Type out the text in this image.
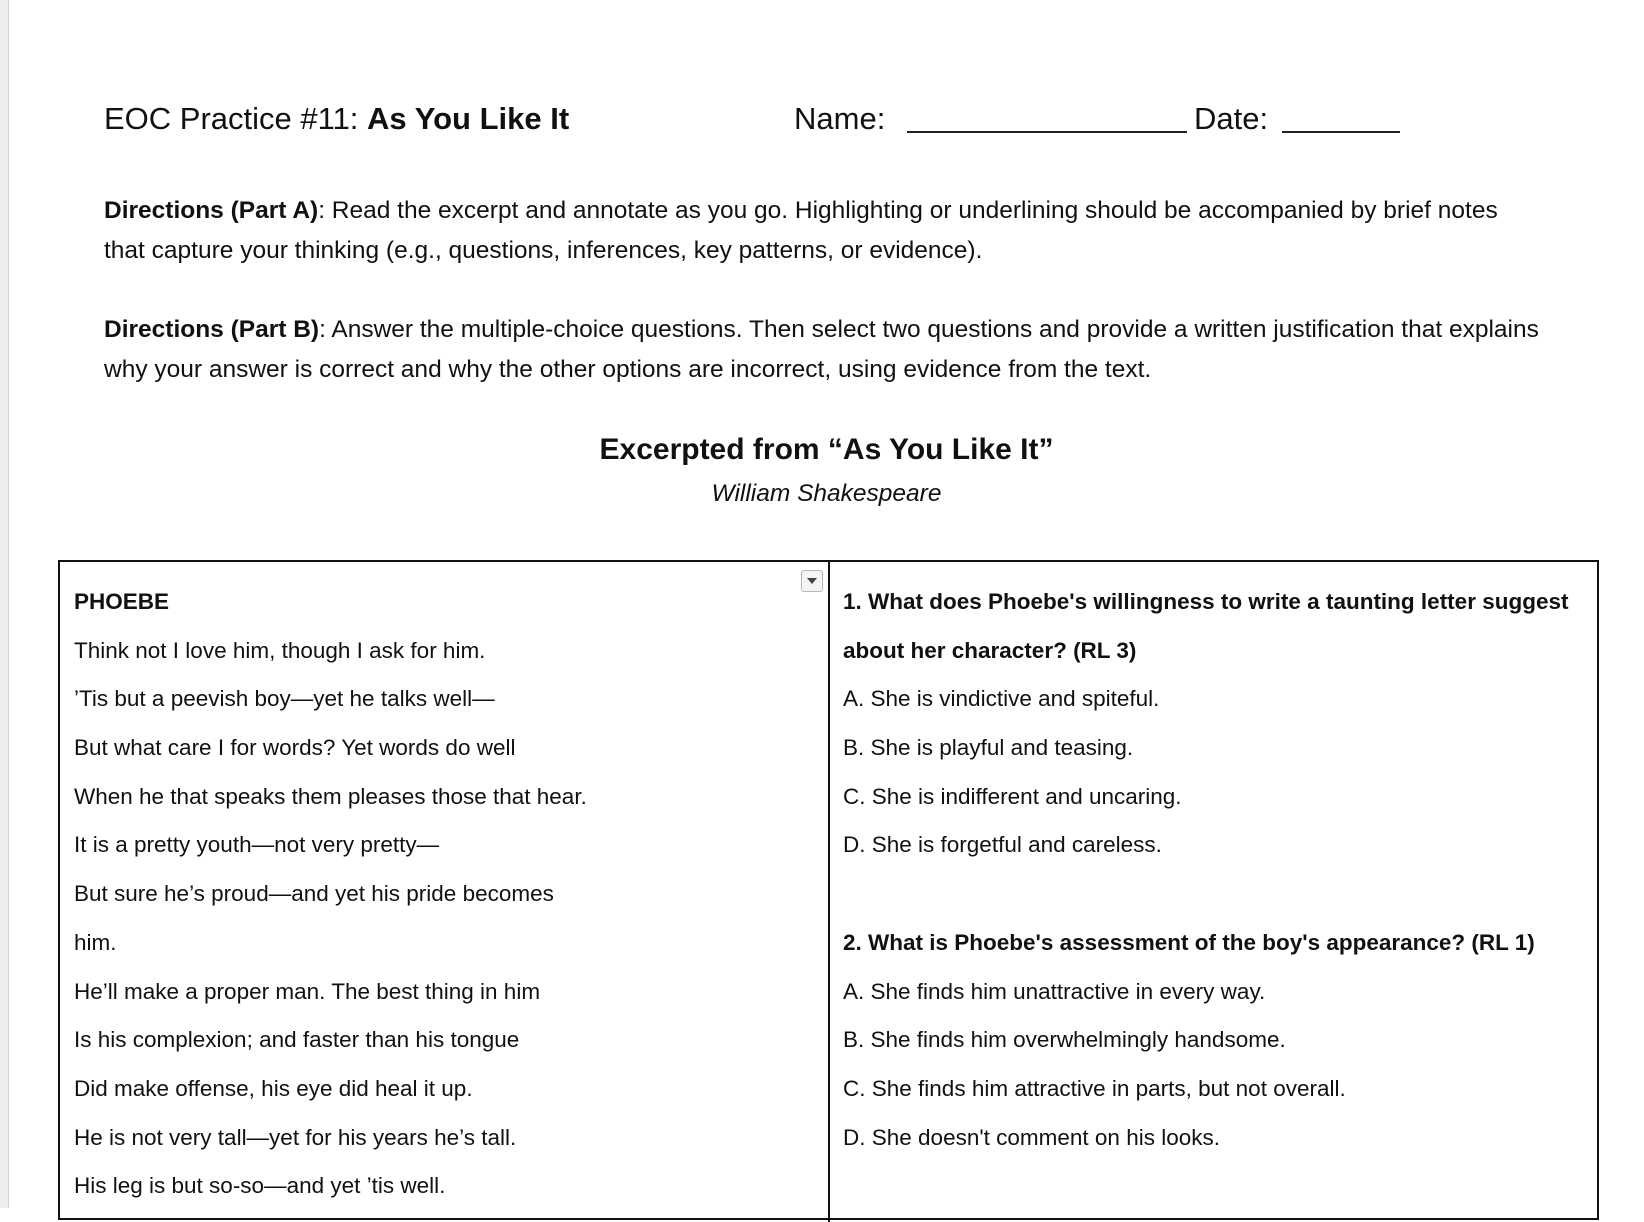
EOC Practice #11: As You Like It	Name:	Date:
Directions (Part A): Read the excerpt and annotate as you go. Highlighting or underlining should be accompanied by brief notes that capture your thinking (e.g., questions, inferences, key patterns, or evidence).
Directions (Part B): Answer the multiple-choice questions. Then select two questions and provide a written justification that explains why your answer is correct and why the other options are incorrect, using evidence from the text.
Excerpted from “As You Like It”
William Shakespeare
PHOEBE
Think not I love him, though I ask for him.
’Tis but a peevish boy—yet he talks well—
But what care I for words? Yet words do well
When he that speaks them pleases those that hear.
It is a pretty youth—not very pretty—
But sure he’s proud—and yet his pride becomes
him.
He’ll make a proper man. The best thing in him
Is his complexion; and faster than his tongue
Did make offense, his eye did heal it up.
He is not very tall—yet for his years he’s tall.
His leg is but so-so—and yet ’tis well.
1. What does Phoebe's willingness to write a taunting letter suggest
about her character? (RL 3)
A. She is vindictive and spiteful.
B. She is playful and teasing.
C. She is indifferent and uncaring.
D. She is forgetful and careless.
2. What is Phoebe's assessment of the boy's appearance? (RL 1)
A. She finds him unattractive in every way.
B. She finds him overwhelmingly handsome.
C. She finds him attractive in parts, but not overall.
D. She doesn't comment on his looks.
